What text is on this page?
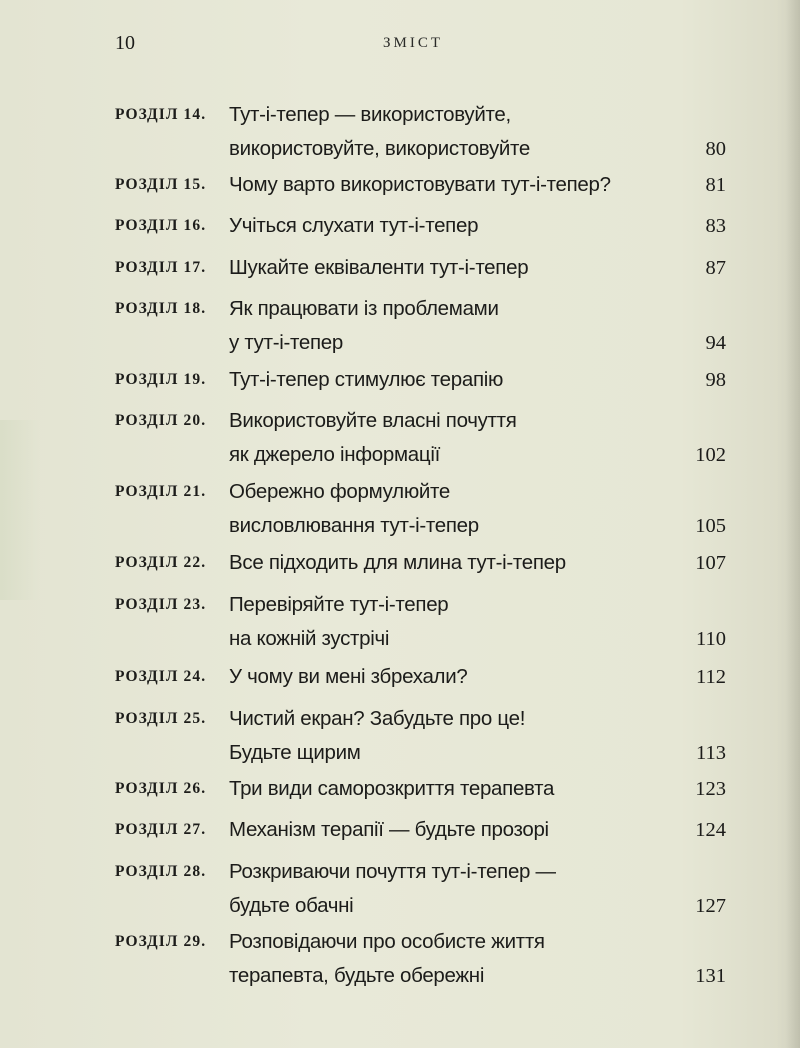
10	ЗМІСТ
РОЗДІЛ 14.	Тут-і-тепер — використовуйте,
використовуйте, використовуйте	80
РОЗДІЛ 15.	Чому варто використовувати тут-і-тепер?	81
РОЗДІЛ 16.	Учіться слухати тут-і-тепер	83
РОЗДІЛ 17.	Шукайте еквіваленти тут-і-тепер	87
РОЗДІЛ 18.	Як працювати із проблемами
у тут-і-тепер	94
РОЗДІЛ 19.	Тут-і-тепер стимулює терапію	98
РОЗДІЛ 20.	Використовуйте власні почуття
як джерело інформації	102
РОЗДІЛ 21.	Обережно формулюйте
висловлювання тут-і-тепер	105
РОЗДІЛ 22.	Все підходить для млина тут-і-тепер	107
РОЗДІЛ 23.	Перевіряйте тут-і-тепер
на кожній зустрічі	110
РОЗДІЛ 24.	У чому ви мені збрехали?	112
РОЗДІЛ 25.	Чистий екран? Забудьте про це!
Будьте щирим	113
РОЗДІЛ 26.	Три види саморозкриття терапевта	123
РОЗДІЛ 27.	Механізм терапії — будьте прозорі	124
РОЗДІЛ 28.	Розкриваючи почуття тут-і-тепер —
будьте обачні	127
РОЗДІЛ 29.	Розповідаючи про особисте життя
терапевта, будьте обережні	131
